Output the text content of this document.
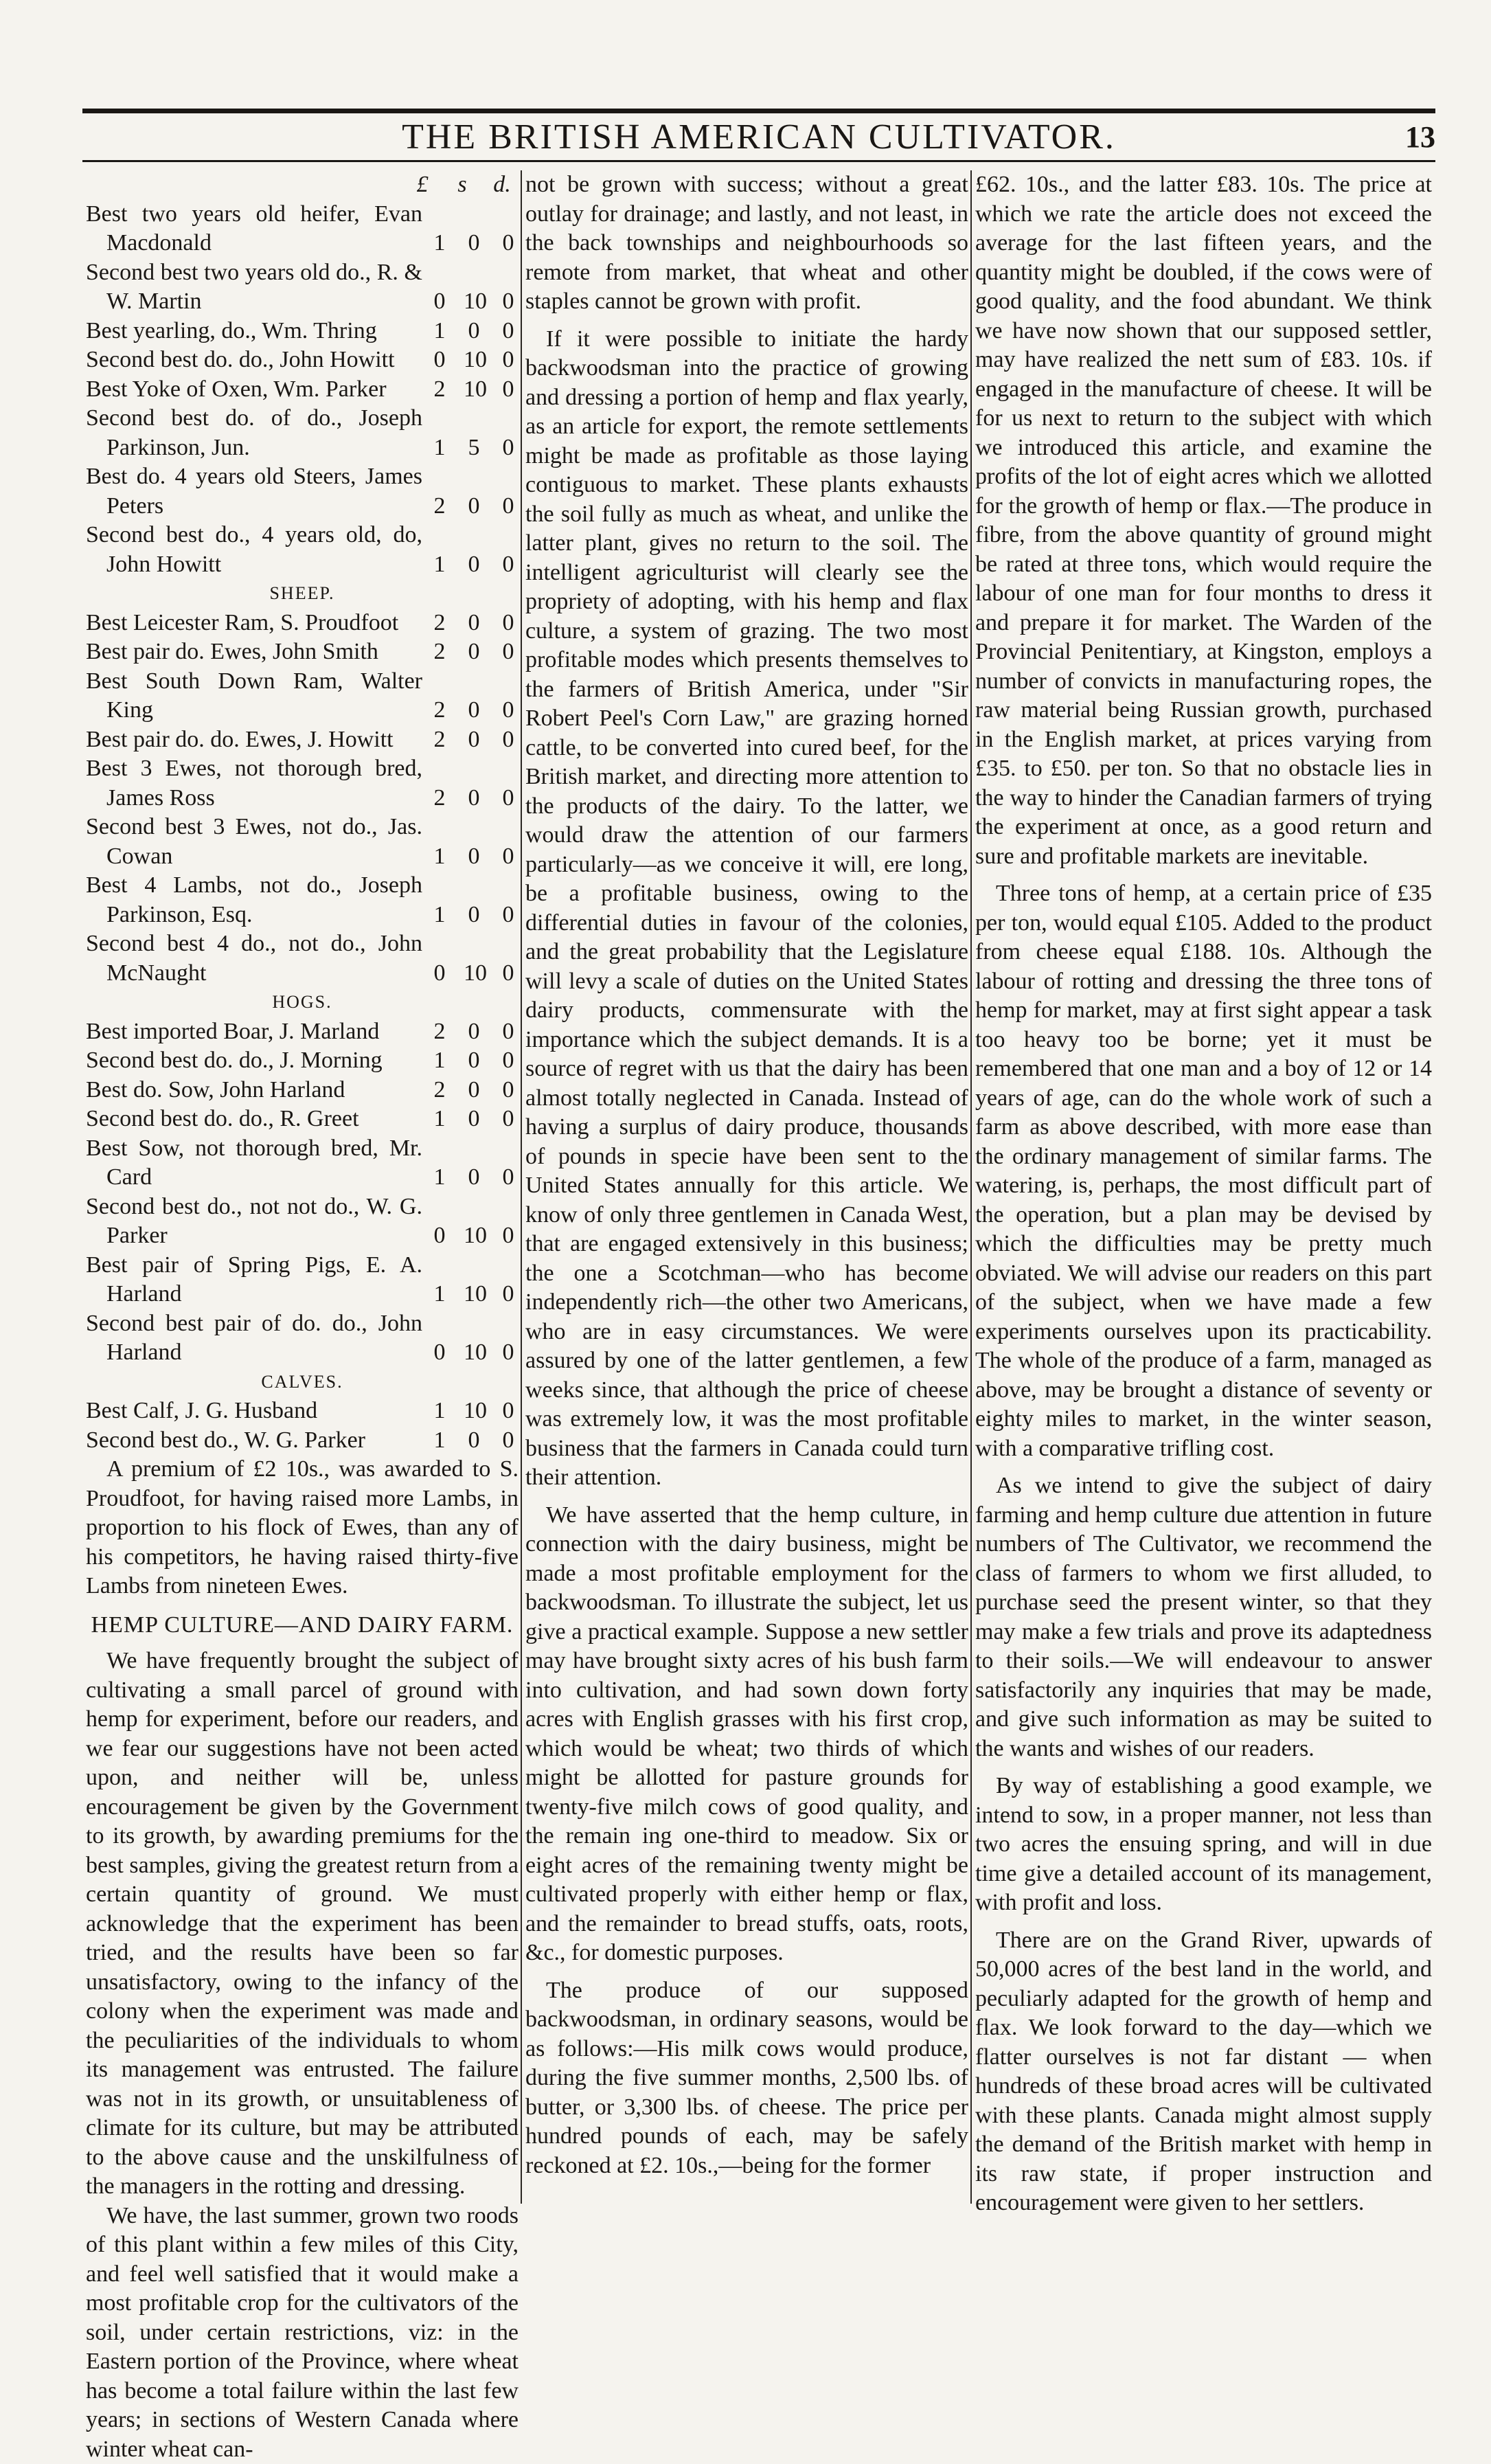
THE BRITISH AMERICAN CULTIVATOR.	13
£ s d.
Best two years old heifer, Evan Macdonald	1 0 0
Second best two years old do., R. & W. Martin	0 10 0
Best yearling, do., Wm. Thring	1 0 0
Second best do. do., John Howitt	0 10 0
Best Yoke of Oxen, Wm. Parker	2 10 0
Second best do. of do., Joseph Parkinson, Jun.	1 5 0
Best do. 4 years old Steers, James Peters	2 0 0
Second best do., 4 years old, do, John Howitt	1 0 0
SHEEP.
Best Leicester Ram, S. Proudfoot	2 0 0
Best pair do. Ewes, John Smith	2 0 0
Best South Down Ram, Walter King	2 0 0
Best pair do. do. Ewes, J. Howitt	2 0 0
Best 3 Ewes, not thorough bred, James Ross	2 0 0
Second best 3 Ewes, not do., Jas. Cowan	1 0 0
Best 4 Lambs, not do., Joseph Parkinson, Esq.	1 0 0
Second best 4 do., not do., John McNaught	0 10 0
HOGS.
Best imported Boar, J. Marland	2 0 0
Second best do. do., J. Morning	1 0 0
Best do. Sow, John Harland	2 0 0
Second best do. do., R. Greet	1 0 0
Best Sow, not thorough bred, Mr. Card	1 0 0
Second best do., not not do., W. G. Parker	0 10 0
Best pair of Spring Pigs, E. A. Harland	1 10 0
Second best pair of do. do., John Harland	0 10 0
CALVES.
Best Calf, J. G. Husband	1 10 0
Second best do., W. G. Parker	1 0 0

A premium of £2 10s., was awarded to S. Proudfoot, for having raised more Lambs, in proportion to his flock of Ewes, than any of his competitors, he having raised thirty-five Lambs from nineteen Ewes.

HEMP CULTURE—AND DAIRY FARM.

We have frequently brought the subject of cultivating a small parcel of ground with hemp for experiment, before our readers, and we fear our suggestions have not been acted upon, and neither will be, unless encouragement be given by the Government to its growth, by awarding premiums for the best samples, giving the greatest return from a certain quantity of ground. We must acknowledge that the experiment has been tried, and the results have been so far unsatisfactory, owing to the infancy of the colony when the experiment was made and the peculiarities of the individuals to whom its management was entrusted. The failure was not in its growth, or unsuitableness of climate for its culture, but may be attributed to the above cause and the unskilfulness of the managers in the rotting and dressing.

We have, the last summer, grown two roods of this plant within a few miles of this City, and feel well satisfied that it would make a most profitable crop for the cultivators of the soil, under certain restrictions, viz: in the Eastern portion of the Province, where wheat has become a total failure within the last few years; in sections of Western Canada where winter wheat can-

not be grown with success; without a great outlay for drainage; and lastly, and not least, in the back townships and neighbourhoods so remote from market, that wheat and other staples cannot be grown with profit.

If it were possible to initiate the hardy backwoodsman into the practice of growing and dressing a portion of hemp and flax yearly, as an article for export, the remote settlements might be made as profitable as those laying contiguous to market. These plants exhausts the soil fully as much as wheat, and unlike the latter plant, gives no return to the soil. The intelligent agriculturist will clearly see the propriety of adopting, with his hemp and flax culture, a system of grazing. The two most profitable modes which presents themselves to the farmers of British America, under "Sir Robert Peel's Corn Law," are grazing horned cattle, to be converted into cured beef, for the British market, and directing more attention to the products of the dairy. To the latter, we would draw the attention of our farmers particularly—as we conceive it will, ere long, be a profitable business, owing to the differential duties in favour of the colonies, and the great probability that the Legislature will levy a scale of duties on the United States dairy products, commensurate with the importance which the subject demands. It is a source of regret with us that the dairy has been almost totally neglected in Canada. Instead of having a surplus of dairy produce, thousands of pounds in specie have been sent to the United States annually for this article. We know of only three gentlemen in Canada West, that are engaged extensively in this business; the one a Scotchman—who has become independently rich—the other two Americans, who are in easy circumstances. We were assured by one of the latter gentlemen, a few weeks since, that although the price of cheese was extremely low, it was the most profitable business that the farmers in Canada could turn their attention.

We have asserted that the hemp culture, in connection with the dairy business, might be made a most profitable employment for the backwoodsman. To illustrate the subject, let us give a practical example. Suppose a new settler may have brought sixty acres of his bush farm into cultivation, and had sown down forty acres with English grasses with his first crop, which would be wheat; two thirds of which might be allotted for pasture grounds for twenty-five milch cows of good quality, and the remain ing one-third to meadow. Six or eight acres of the remaining twenty might be cultivated properly with either hemp or flax, and the remainder to bread stuffs, oats, roots, &c., for domestic purposes.

The produce of our supposed backwoodsman, in ordinary seasons, would be as follows:—His milk cows would produce, during the five summer months, 2,500 lbs. of butter, or 3,300 lbs. of cheese. The price per hundred pounds of each, may be safely reckoned at £2. 10s.,—being for the former

£62. 10s., and the latter £83. 10s. The price at which we rate the article does not exceed the average for the last fifteen years, and the quantity might be doubled, if the cows were of good quality, and the food abundant. We think we have now shown that our supposed settler, may have realized the nett sum of £83. 10s. if engaged in the manufacture of cheese. It will be for us next to return to the subject with which we introduced this article, and examine the profits of the lot of eight acres which we allotted for the growth of hemp or flax.—The produce in fibre, from the above quantity of ground might be rated at three tons, which would require the labour of one man for four months to dress it and prepare it for market. The Warden of the Provincial Penitentiary, at Kingston, employs a number of convicts in manufacturing ropes, the raw material being Russian growth, purchased in the English market, at prices varying from £35. to £50. per ton. So that no obstacle lies in the way to hinder the Canadian farmers of trying the experiment at once, as a good return and sure and profitable markets are inevitable.

Three tons of hemp, at a certain price of £35 per ton, would equal £105. Added to the product from cheese equal £188. 10s. Although the labour of rotting and dressing the three tons of hemp for market, may at first sight appear a task too heavy too be borne; yet it must be remembered that one man and a boy of 12 or 14 years of age, can do the whole work of such a farm as above described, with more ease than the ordinary management of similar farms. The watering, is, perhaps, the most difficult part of the operation, but a plan may be devised by which the difficulties may be pretty much obviated. We will advise our readers on this part of the subject, when we have made a few experiments ourselves upon its practicability. The whole of the produce of a farm, managed as above, may be brought a distance of seventy or eighty miles to market, in the winter season, with a comparative trifling cost.

As we intend to give the subject of dairy farming and hemp culture due attention in future numbers of The Cultivator, we recommend the class of farmers to whom we first alluded, to purchase seed the present winter, so that they may make a few trials and prove its adaptedness to their soils.—We will endeavour to answer satisfactorily any inquiries that may be made, and give such information as may be suited to the wants and wishes of our readers.

By way of establishing a good example, we intend to sow, in a proper manner, not less than two acres the ensuing spring, and will in due time give a detailed account of its management, with profit and loss.

There are on the Grand River, upwards of 50,000 acres of the best land in the world, and peculiarly adapted for the growth of hemp and flax. We look forward to the day—which we flatter ourselves is not far distant — when hundreds of these broad acres will be cultivated with these plants. Canada might almost supply the demand of the British market with hemp in its raw state, if proper instruction and encouragement were given to her settlers.
